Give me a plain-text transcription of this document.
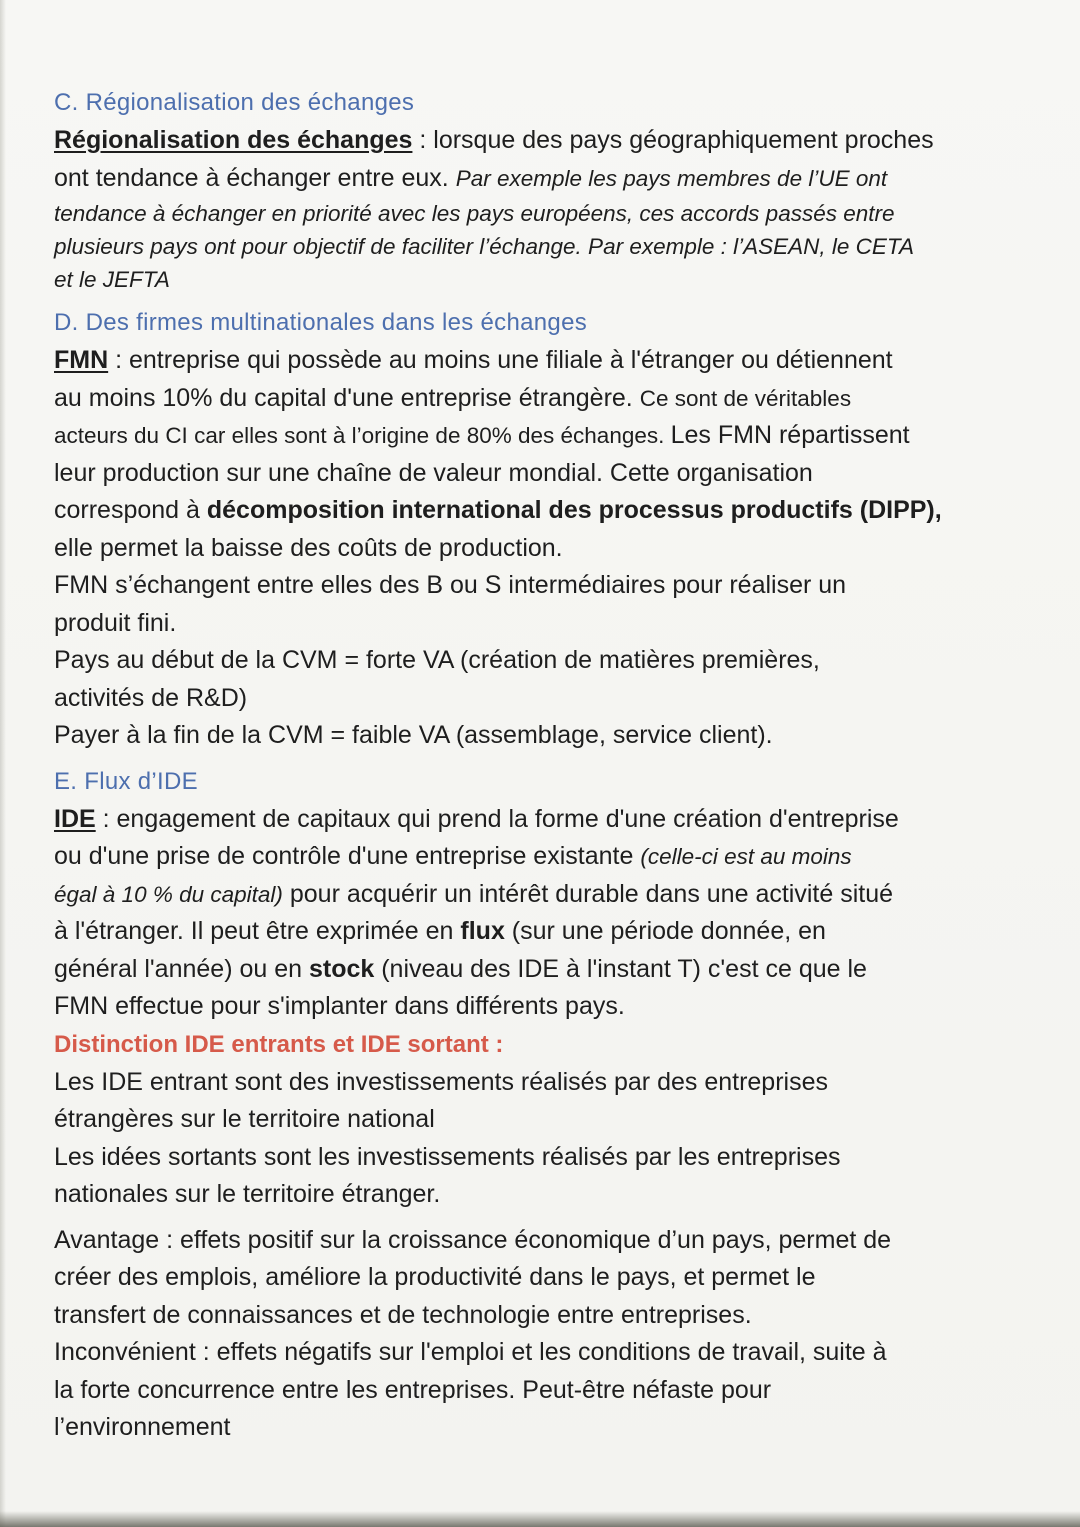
C. Régionalisation des échanges

Régionalisation des échanges : lorsque des pays géographiquement proches

ont tendance à échanger entre eux. Par exemple les pays membres de l’UE ont

tendance à échanger en priorité avec les pays européens, ces accords passés entre

plusieurs pays ont pour objectif de faciliter l’échange. Par exemple : l’ASEAN, le CETA

et le JEFTA

D. Des firmes multinationales dans les échanges

FMN : entreprise qui possède au moins une filiale à l'étranger ou détiennent

au moins 10% du capital d'une entreprise étrangère. Ce sont de véritables

acteurs du CI car elles sont à l’origine de 80% des échanges. Les FMN répartissent

leur production sur une chaîne de valeur mondial. Cette organisation

correspond à décomposition international des processus productifs (DIPP),

elle permet la baisse des coûts de production.

FMN s’échangent entre elles des B ou S intermédiaires pour réaliser un

produit fini.

Pays au début de la CVM = forte VA (création de matières premières,

activités de R&D)

Payer à la fin de la CVM = faible VA (assemblage, service client).

E. Flux d’IDE

IDE : engagement de capitaux qui prend la forme d'une création d'entreprise

ou d'une prise de contrôle d'une entreprise existante (celle-ci est au moins

égal à 10 % du capital) pour acquérir un intérêt durable dans une activité situé

à l'étranger. Il peut être exprimée en flux (sur une période donnée, en

général l'année) ou en stock (niveau des IDE à l'instant T) c'est ce que le

FMN effectue pour s'implanter dans différents pays.

Distinction IDE entrants et IDE sortant :

Les IDE entrant sont des investissements réalisés par des entreprises

étrangères sur le territoire national

Les idées sortants sont les investissements réalisés par les entreprises

nationales sur le territoire étranger.

Avantage : effets positif sur la croissance économique d’un pays, permet de

créer des emplois, améliore la productivité dans le pays, et permet le

transfert de connaissances et de technologie entre entreprises.

Inconvénient : effets négatifs sur l'emploi et les conditions de travail, suite à

la forte concurrence entre les entreprises. Peut-être néfaste pour

l’environnement
